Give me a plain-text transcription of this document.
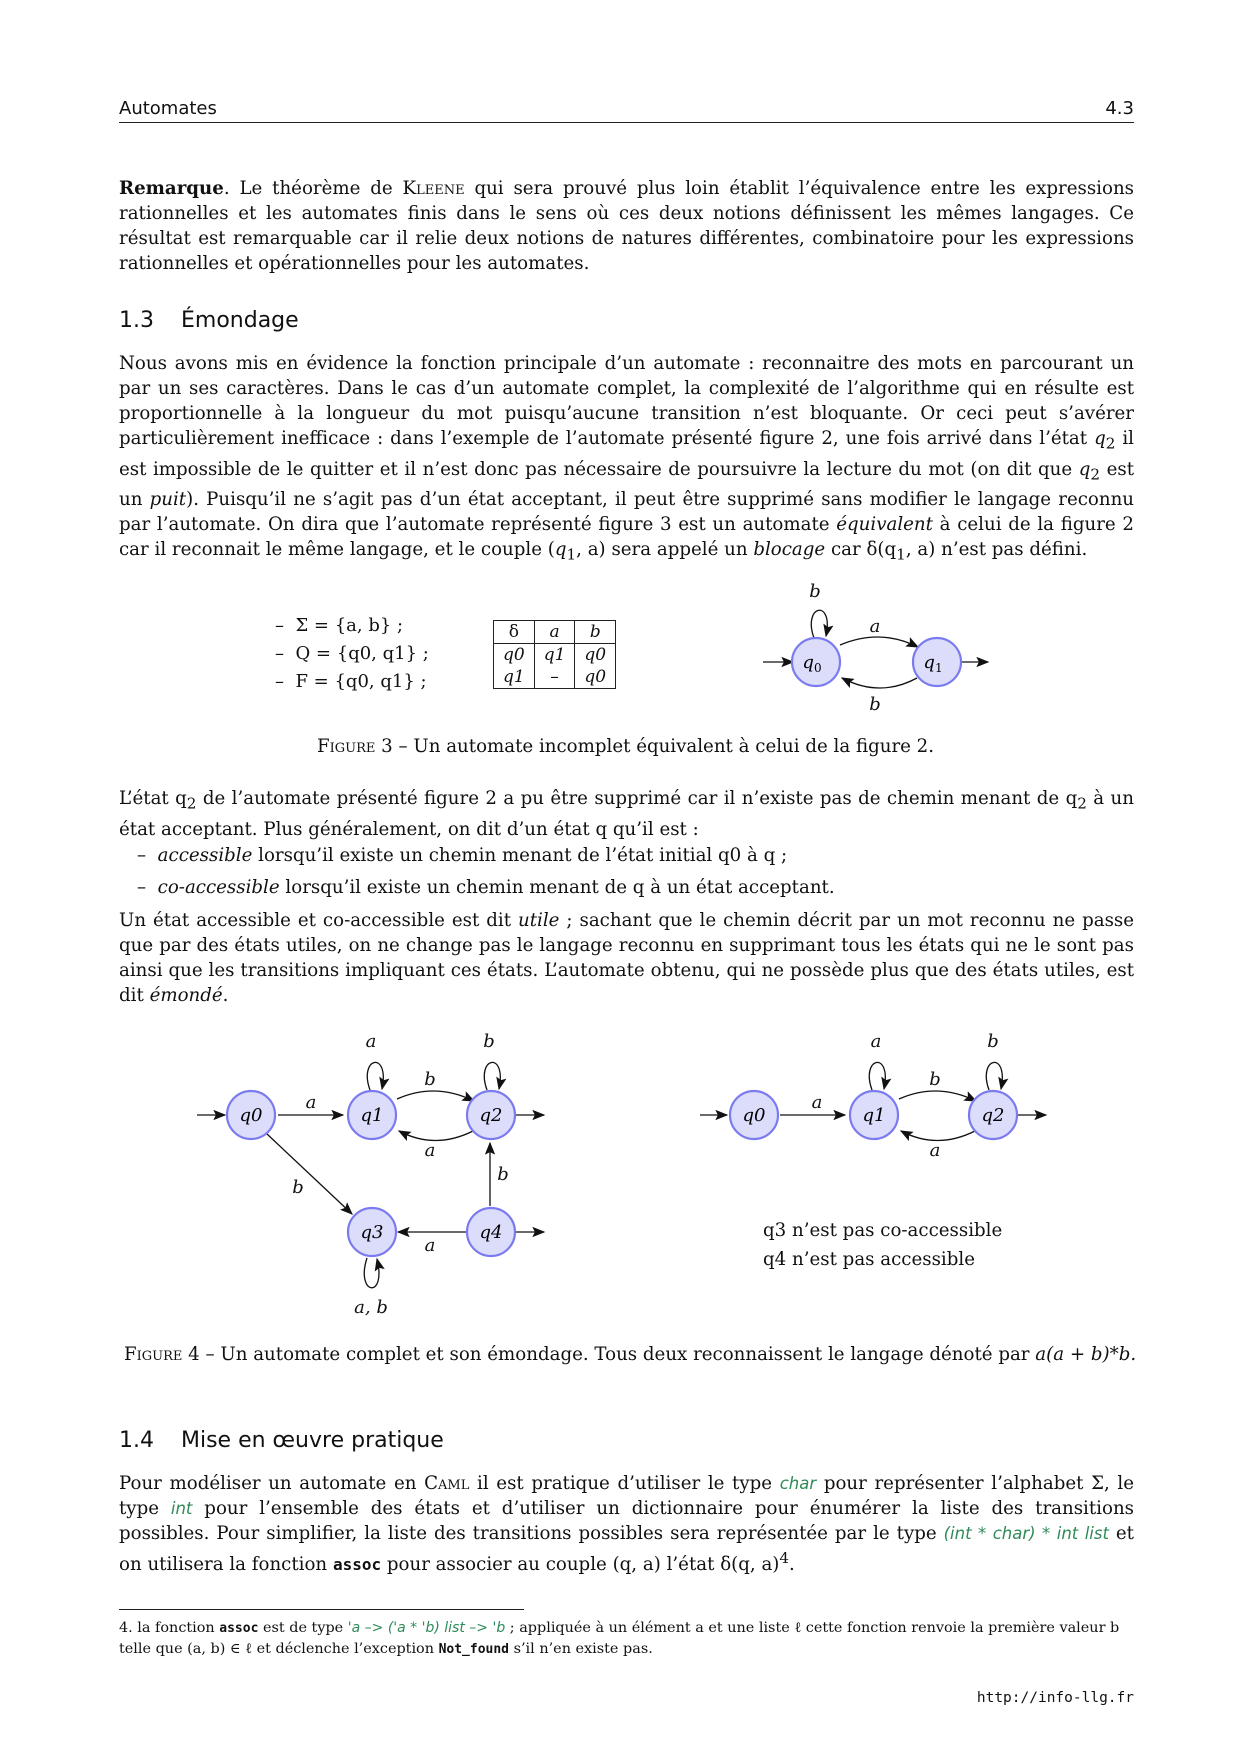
Automates	4.3
Remarque. Le théorème de Kleene qui sera prouvé plus loin établit l’équivalence entre les expressions rationnelles et les automates finis dans le sens où ces deux notions définissent les mêmes langages. Ce résultat est remarquable car il relie deux notions de natures différentes, combinatoire pour les expressions rationnelles et opérationnelles pour les automates.
1.3 Émondage
Nous avons mis en évidence la fonction principale d’un automate : reconnaitre des mots en parcourant un par un ses caractères. Dans le cas d’un automate complet, la complexité de l’algorithme qui en résulte est proportionnelle à la longueur du mot puisqu’aucune transition n’est bloquante. Or ceci peut s’avérer particulièrement inefficace : dans l’exemple de l’automate présenté figure 2, une fois arrivé dans l’état $q_2$ il est impossible de le quitter et il n’est donc pas nécessaire de poursuivre la lecture du mot (on dit que $q_2$ est un puit). Puisqu’il ne s’agit pas d’un état acceptant, il peut être supprimé sans modifier le langage reconnu par l’automate. On dira que l’automate représenté figure 3 est un automate équivalent à celui de la figure 2 car il reconnait le même langage, et le couple ($q_1$, a) sera appelé un blocage car $\delta(q_1$, a) n’est pas défini.
–  Σ = {a, b} ;
–  Q = {q0, q1} ;
–  F = {q0, q1} ;
δ	a	b
q0	q1	q0
q1	–	q0
$q_0$	$q_1$
q0	q1	q2
q3	q4
q0	q1	q2
b
a
b
a
b
a
b
a
b
b
a
a, b
a
b
a
b
a
Figure 3 – Un automate incomplet équivalent à celui de la figure 2.
L’état $q_2$ de l’automate présenté figure 2 a pu être supprimé car il n’existe pas de chemin menant de $q_2$ à un état acceptant. Plus généralement, on dit d’un état q qu’il est :
–  accessible lorsqu’il existe un chemin menant de l’état initial q0 à q ;
–  co-accessible lorsqu’il existe un chemin menant de q à un état acceptant.
Un état accessible et co-accessible est dit utile ; sachant que le chemin décrit par un mot reconnu ne passe que par des états utiles, on ne change pas le langage reconnu en supprimant tous les états qui ne le sont pas ainsi que les transitions impliquant ces états. L’automate obtenu, qui ne possède plus que des états utiles, est dit émondé.
q3 n’est pas co-accessible
q4 n’est pas accessible
Figure 4 – Un automate complet et son émondage. Tous deux reconnaissent le langage dénoté par a(a + b)*b.
1.4 Mise en œuvre pratique
Pour modéliser un automate en Caml il est pratique d’utiliser le type char pour représenter l’alphabet Σ, le type int pour l’ensemble des états et d’utiliser un dictionnaire pour énumérer la liste des transitions possibles. Pour simplifier, la liste des transitions possibles sera représentée par le type (int * char) * int list et on utilisera la fonction assoc pour associer au couple (q, a) l’état δ(q, a)$^4$.
4. la fonction assoc est de type 'a –> ('a * 'b) list –> 'b ; appliquée à un élément a et une liste ℓ cette fonction renvoie la première valeur b telle que (a, b) ∈ ℓ et déclenche l’exception Not_found s’il n’en existe pas.
http://info-llg.fr
